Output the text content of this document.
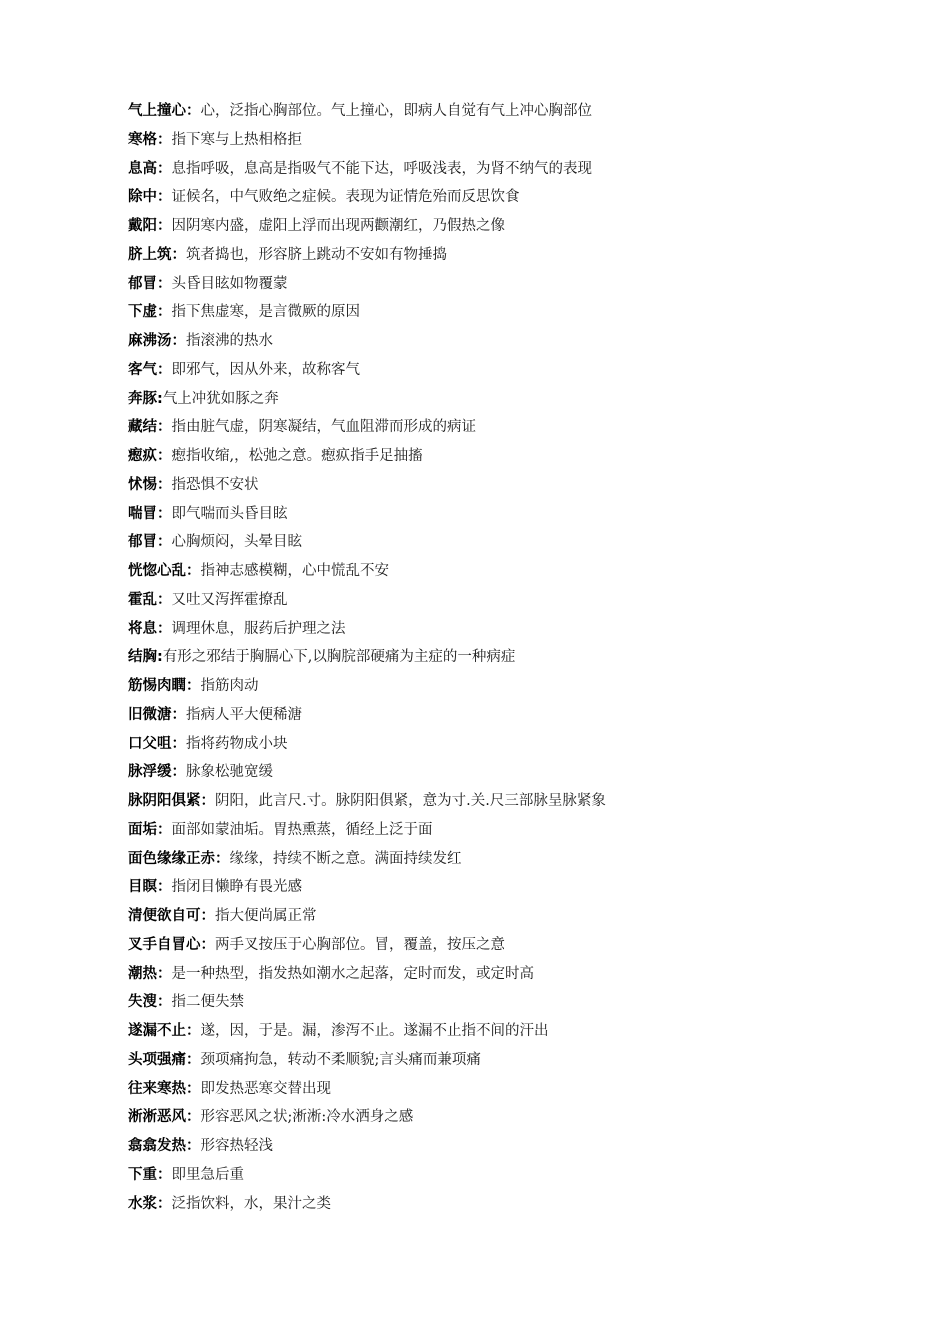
气上撞心：心，泛指心胸部位。气上撞心，即病人自觉有气上冲心胸部位
寒格：指下寒与上热相格拒
息高：息指呼吸，息高是指吸气不能下达，呼吸浅表，为肾不纳气的表现
除中：证候名，中气败绝之症候。表现为证情危殆而反思饮食
戴阳：因阴寒内盛，虚阳上浮而出现两颧潮红，乃假热之像
脐上筑：筑者捣也，形容脐上跳动不安如有物捶捣
郁冒：头昏目眩如物覆蒙
下虚：指下焦虚寒，是言微厥的原因
麻沸汤：指滚沸的热水
客气：即邪气，因从外来，故称客气
奔豚:气上冲犹如豚之奔
藏结：指由脏气虚，阴寒凝结，气血阻滞而形成的病证
瘛疭：瘛指收缩,，松弛之意。瘛疭指手足抽搐
怵惕：指恐惧不安状
喘冒：即气喘而头昏目眩
郁冒：心胸烦闷，头晕目眩
恍惚心乱：指神志感模糊，心中慌乱不安
霍乱：又吐又泻挥霍撩乱
将息：调理休息，服药后护理之法
结胸:有形之邪结于胸膈心下,以胸脘部硬痛为主症的一种病症
筋惕肉瞤：指筋肉动
旧微溏：指病人平大便稀溏
口父咀：指将药物成小块
脉浮缓：脉象松驰宽缓
脉阴阳俱紧：阴阳，此言尺.寸。脉阴阳俱紧，意为寸.关.尺三部脉呈脉紧象
面垢：面部如蒙油垢。胃热熏蒸，循经上泛于面
面色缘缘正赤：缘缘，持续不断之意。满面持续发红
目瞑：指闭目懒睁有畏光感
清便欲自可：指大便尚属正常
叉手自冒心：两手叉按压于心胸部位。冒，覆盖，按压之意
潮热：是一种热型，指发热如潮水之起落，定时而发，或定时高
失溲：指二便失禁
遂漏不止：遂，因，于是。漏，渗泻不止。遂漏不止指不间的汗出
头项强痛：颈项痛拘急，转动不柔顺貌;言头痛而兼项痛
往来寒热：即发热恶寒交替出现
淅淅恶风：形容恶风之状;淅淅:冷水洒身之感
翕翕发热：形容热轻浅
下重：即里急后重
水浆：泛指饮料，水，果汁之类
